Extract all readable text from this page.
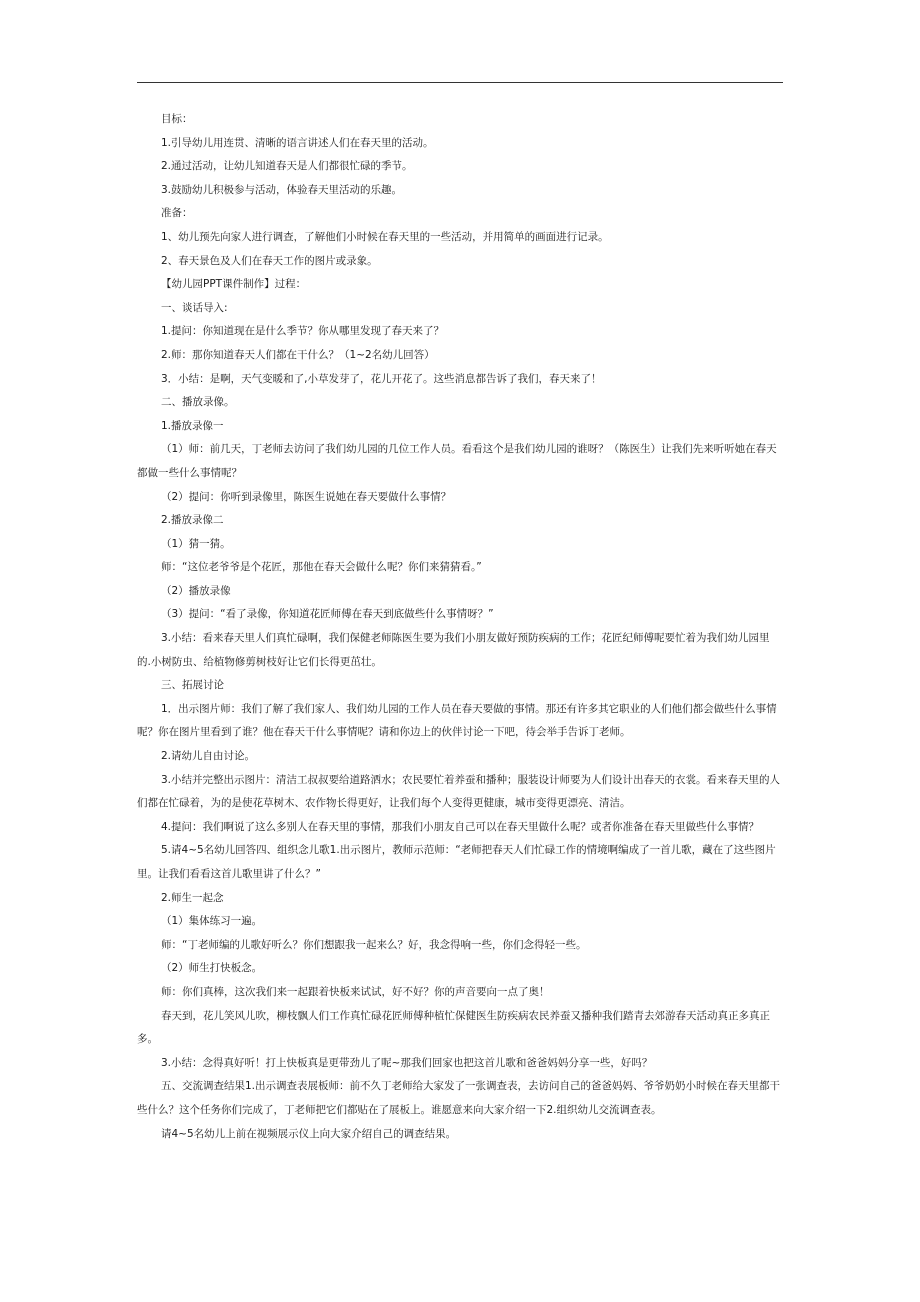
目标：

1.引导幼儿用连贯、清晰的语言讲述人们在春天里的活动。

2.通过活动，让幼儿知道春天是人们都很忙碌的季节。

3.鼓励幼儿积极参与活动，体验春天里活动的乐趣。

准备：

1、幼儿预先向家人进行调查，了解他们小时候在春天里的一些活动，并用简单的画面进行记录。

2、春天景色及人们在春天工作的图片或录象。

【幼儿园PPT课件制作】过程：

一、谈话导入:

1.提问：你知道现在是什么季节？你从哪里发现了春天来了？

2.师：那你知道春天人们都在干什么？（1~2名幼儿回答）

3．小结：是啊，天气变暖和了,小草发芽了，花儿开花了。这些消息都告诉了我们，春天来了！

二、播放录像。

1.播放录像一

（1）师：前几天，丁老师去访问了我们幼儿园的几位工作人员。看看这个是我们幼儿园的谁呀？（陈医生）让我们先来听听她在春天都做一些什么事情呢？

（2）提问：你听到录像里，陈医生说她在春天要做什么事情？

2.播放录像二

（1）猜一猜。

师：“这位老爷爷是个花匠，那他在春天会做什么呢？你们来猜猜看。”

（2）播放录像

（3）提问：“看了录像，你知道花匠师傅在春天到底做些什么事情呀？”

3.小结：看来春天里人们真忙碌啊，我们保健老师陈医生要为我们小朋友做好预防疾病的工作；花匠纪师傅呢要忙着为我们幼儿园里的.小树防虫、给植物修剪树枝好让它们长得更茁壮。

三、拓展讨论

1．出示图片师：我们了解了我们家人、我们幼儿园的工作人员在春天要做的事情。那还有许多其它职业的人们他们都会做些什么事情呢？你在图片里看到了谁？他在春天干什么事情呢？请和你边上的伙伴讨论一下吧，待会举手告诉丁老师。

2.请幼儿自由讨论。

3.小结并完整出示图片：清洁工叔叔要给道路洒水；农民要忙着养蚕和播种；服装设计师要为人们设计出春天的衣裳。看来春天里的人们都在忙碌着，为的是使花草树木、农作物长得更好，让我们每个人变得更健康，城市变得更漂亮、清洁。

4.提问：我们啊说了这么多别人在春天里的事情，那我们小朋友自己可以在春天里做什么呢？或者你准备在春天里做些什么事情？

5.请4~5名幼儿回答四、组织念儿歌1.出示图片，教师示范师：“老师把春天人们忙碌工作的情境啊编成了一首儿歌，藏在了这些图片里。让我们看看这首儿歌里讲了什么？”

2.师生一起念

（1）集体练习一遍。

师：“丁老师编的儿歌好听么？你们想跟我一起来么？好，我念得响一些，你们念得轻一些。

（2）师生打快板念。

师：你们真棒，这次我们来一起跟着快板来试试，好不好？你的声音要向一点了奥！

春天到，花儿笑风儿吹，柳枝飘人们工作真忙碌花匠师傅种植忙保健医生防疾病农民养蚕又播种我们踏青去郊游春天活动真正多真正多。

3.小结：念得真好听！打上快板真是更带劲儿了呢~那我们回家也把这首儿歌和爸爸妈妈分享一些，好吗？

五、交流调查结果1.出示调查表展板师：前不久丁老师给大家发了一张调查表，去访问自己的爸爸妈妈、爷爷奶奶小时候在春天里都干些什么？这个任务你们完成了，丁老师把它们都贴在了展板上。谁愿意来向大家介绍一下2.组织幼儿交流调查表。

请4~5名幼儿上前在视频展示仪上向大家介绍自己的调查结果。
